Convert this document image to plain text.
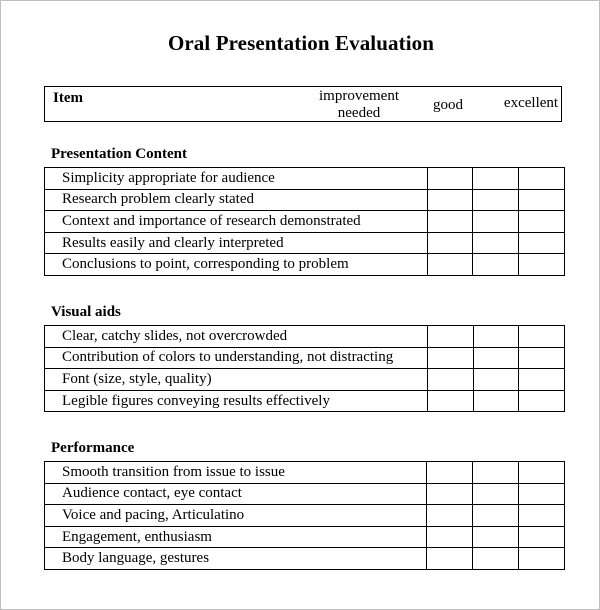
Oral Presentation Evaluation
Item	improvement
needed	good	excellent
Presentation Content
Simplicity appropriate for audience			
Research problem clearly stated			
Context and importance of research demonstrated			
Results easily and clearly interpreted			
Conclusions to point, corresponding to problem			
Visual aids
Clear, catchy slides, not overcrowded			
Contribution of colors to understanding, not distracting			
Font (size, style, quality)			
Legible figures conveying results effectively			
Performance
Smooth transition from issue to issue			
Audience contact, eye contact			
Voice and pacing, Articulatino			
Engagement, enthusiasm			
Body language, gestures			
